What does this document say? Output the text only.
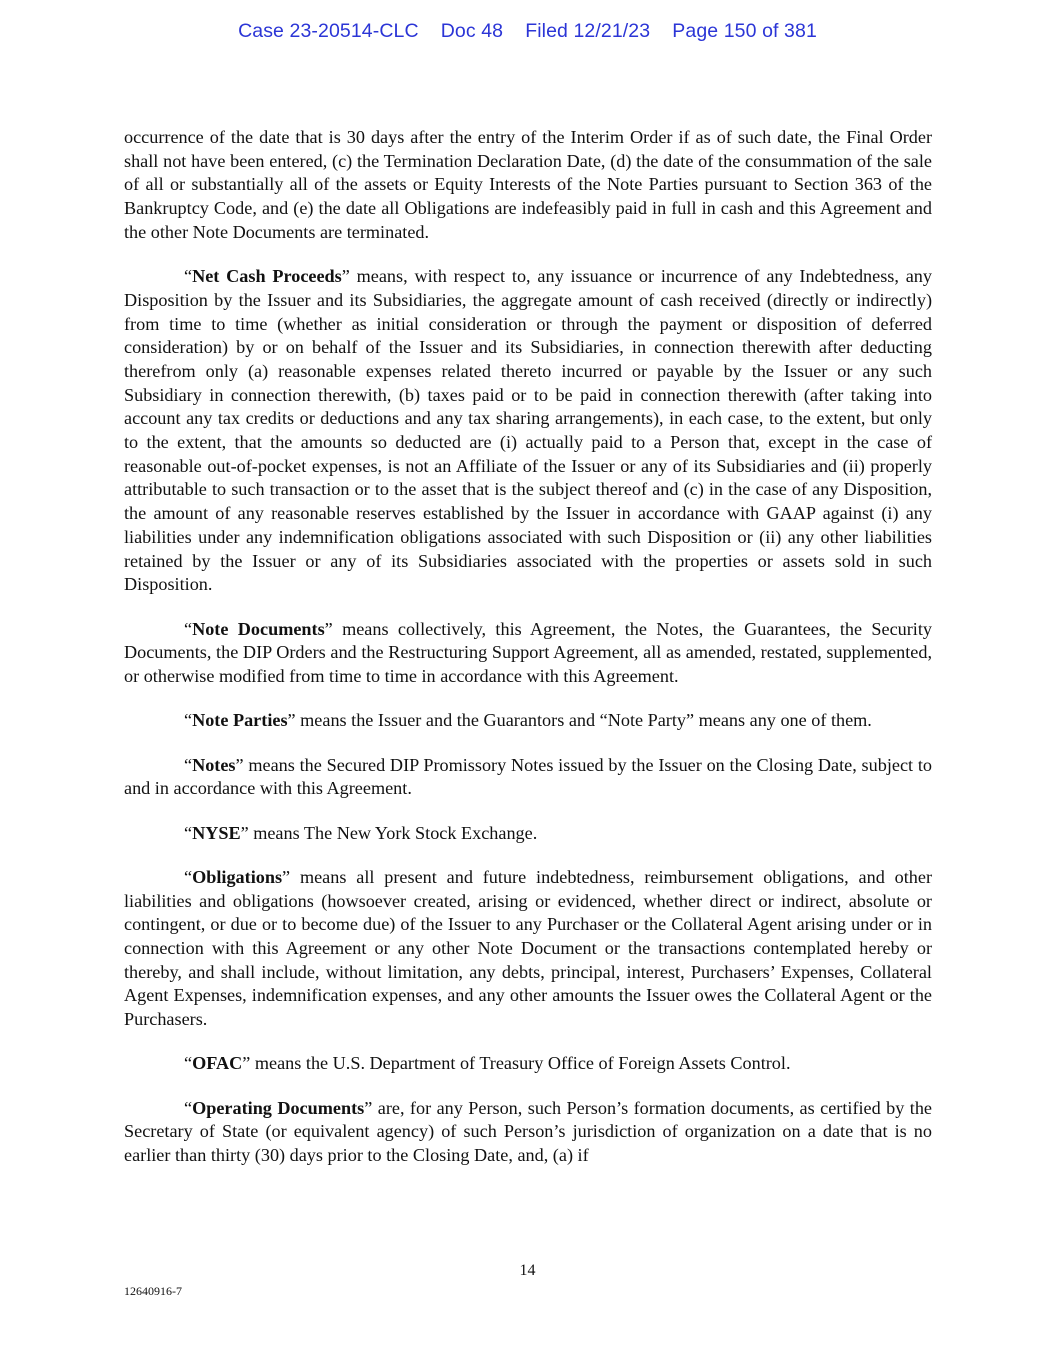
Case 23-20514-CLC Doc 48 Filed 12/21/23 Page 150 of 381

occurrence of the date that is 30 days after the entry of the Interim Order if as of such date, the Final Order shall not have been entered, (c) the Termination Declaration Date, (d) the date of the consummation of the sale of all or substantially all of the assets or Equity Interests of the Note Parties pursuant to Section 363 of the Bankruptcy Code, and (e) the date all Obligations are indefeasibly paid in full in cash and this Agreement and the other Note Documents are terminated.

“Net Cash Proceeds” means, with respect to, any issuance or incurrence of any Indebtedness, any Disposition by the Issuer and its Subsidiaries, the aggregate amount of cash received (directly or indirectly) from time to time (whether as initial consideration or through the payment or disposition of deferred consideration) by or on behalf of the Issuer and its Subsidiaries, in connection therewith after deducting therefrom only (a) reasonable expenses related thereto incurred or payable by the Issuer or any such Subsidiary in connection therewith, (b) taxes paid or to be paid in connection therewith (after taking into account any tax credits or deductions and any tax sharing arrangements), in each case, to the extent, but only to the extent, that the amounts so deducted are (i) actually paid to a Person that, except in the case of reasonable out-of-pocket expenses, is not an Affiliate of the Issuer or any of its Subsidiaries and (ii) properly attributable to such transaction or to the asset that is the subject thereof and (c) in the case of any Disposition, the amount of any reasonable reserves established by the Issuer in accordance with GAAP against (i) any liabilities under any indemnification obligations associated with such Disposition or (ii) any other liabilities retained by the Issuer or any of its Subsidiaries associated with the properties or assets sold in such Disposition.

“Note Documents” means collectively, this Agreement, the Notes, the Guarantees, the Security Documents, the DIP Orders and the Restructuring Support Agreement, all as amended, restated, supplemented, or otherwise modified from time to time in accordance with this Agreement.

“Note Parties” means the Issuer and the Guarantors and “Note Party” means any one of them.

“Notes” means the Secured DIP Promissory Notes issued by the Issuer on the Closing Date, subject to and in accordance with this Agreement.

“NYSE” means The New York Stock Exchange.

“Obligations” means all present and future indebtedness, reimbursement obligations, and other liabilities and obligations (howsoever created, arising or evidenced, whether direct or indirect, absolute or contingent, or due or to become due) of the Issuer to any Purchaser or the Collateral Agent arising under or in connection with this Agreement or any other Note Document or the transactions contemplated hereby or thereby, and shall include, without limitation, any debts, principal, interest, Purchasers’ Expenses, Collateral Agent Expenses, indemnification expenses, and any other amounts the Issuer owes the Collateral Agent or the Purchasers.

“OFAC” means the U.S. Department of Treasury Office of Foreign Assets Control.

“Operating Documents” are, for any Person, such Person’s formation documents, as certified by the Secretary of State (or equivalent agency) of such Person’s jurisdiction of organization on a date that is no earlier than thirty (30) days prior to the Closing Date, and, (a) if

14
12640916-7
